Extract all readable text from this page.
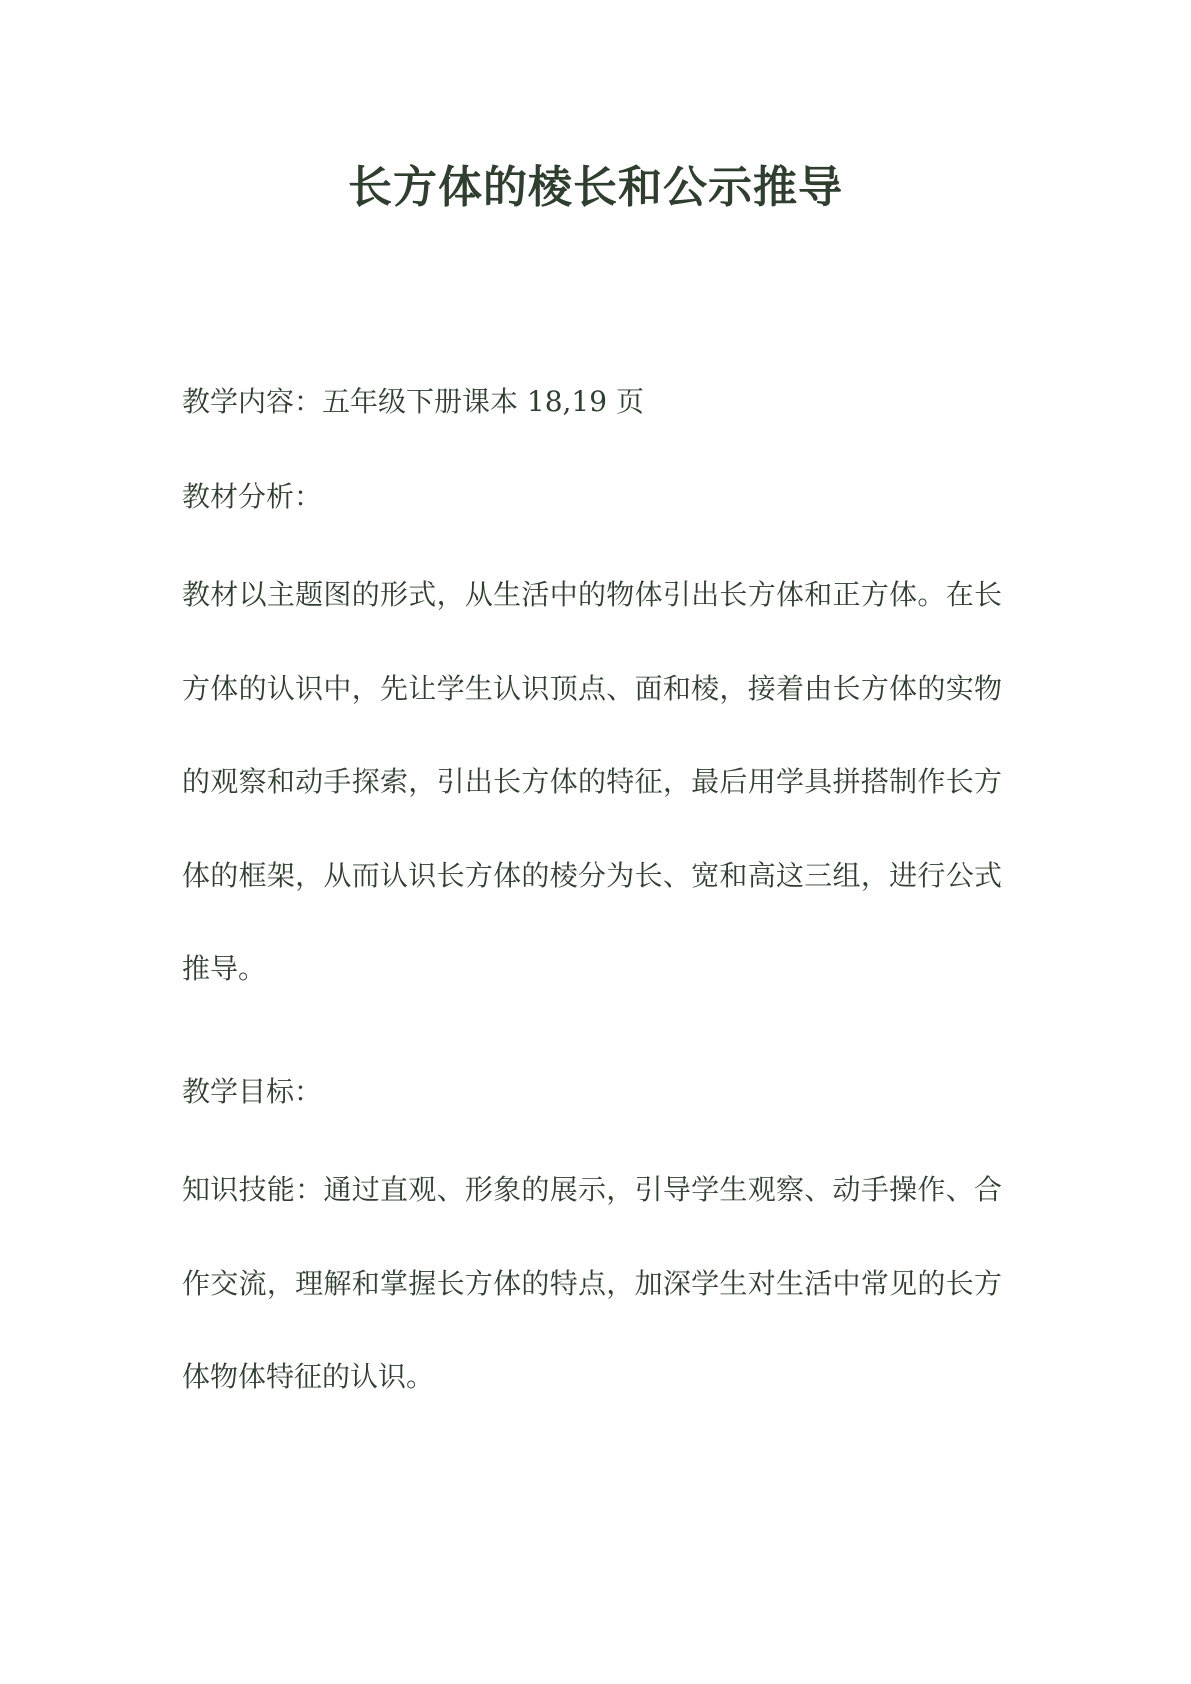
长方体的棱长和公示推导
教学内容：五年级下册课本 18,19 页
教材分析：
教材以主题图的形式，从生活中的物体引出长方体和正方体。在长方体的认识中，先让学生认识顶点、面和棱，接着由长方体的实物的观察和动手探索，引出长方体的特征，最后用学具拼搭制作长方体的框架，从而认识长方体的棱分为长、宽和高这三组，进行公式推导。
教学目标：
知识技能：通过直观、形象的展示，引导学生观察、动手操作、合作交流，理解和掌握长方体的特点，加深学生对生活中常见的长方体物体特征的认识。
